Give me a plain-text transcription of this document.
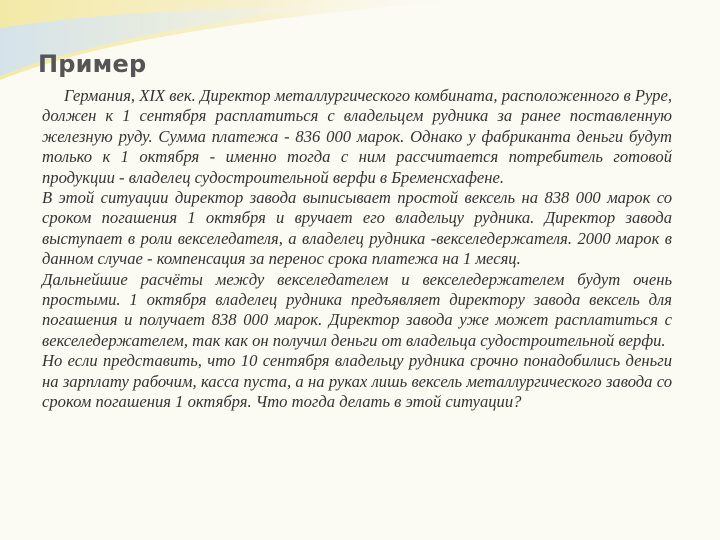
Пример

Германия, XIX век. Директор металлургического комбината, расположенного в Руре, должен к 1 сентября расплатиться с владельцем рудника за ранее поставленную железную руду. Сумма платежа - 836 000 марок. Однако у фабриканта деньги будут только к 1 октября - именно тогда с ним рассчитается потребитель готовой продукции - владелец судостроительной верфи в Бременсхафене.

В этой ситуации директор завода выписывает простой вексель на 838 000 марок со сроком погашения 1 октября и вручает его владельцу рудника. Директор завода выступает в роли векселедателя, а владелец рудника -векселедержателя. 2000 марок в данном случае - компенсация за перенос срока платежа на 1 месяц.

Дальнейшие расчёты между векселедателем и векселедержателем будут очень простыми. 1 октября владелец рудника предъявляет директору завода вексель для погашения и получает 838 000 марок. Директор завода уже может расплатиться с векселедержателем, так как он получил деньги от владельца судостроительной верфи.

Но если представить, что 10 сентября владельцу рудника срочно понадобились деньги на зарплату рабочим, касса пуста, а на руках лишь вексель металлургического завода со сроком погашения 1 октября. Что тогда делать в этой ситуации?
